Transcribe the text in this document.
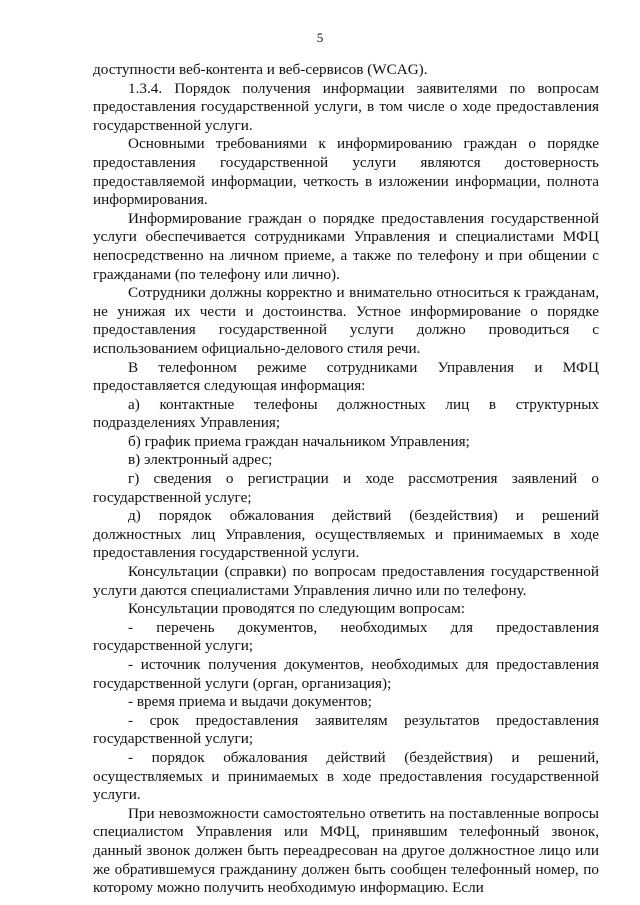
5

доступности веб-контента и веб-сервисов (WCAG).

1.3.4. Порядок получения информации заявителями по вопросам предоставления государственной услуги, в том числе о ходе предоставления государственной услуги.

Основными требованиями к информированию граждан о порядке предоставления государственной услуги являются достоверность предоставляемой информации, четкость в изложении информации, полнота информирования.

Информирование граждан о порядке предоставления государственной услуги обеспечивается сотрудниками Управления и специалистами МФЦ непосредственно на личном приеме, а также по телефону и при общении с гражданами (по телефону или лично).

Сотрудники должны корректно и внимательно относиться к гражданам, не унижая их чести и достоинства. Устное информирование о порядке предоставления государственной услуги должно проводиться с использованием официально-делового стиля речи.

В телефонном режиме сотрудниками Управления и МФЦ предоставляется следующая информация:

а) контактные телефоны должностных лиц в структурных подразделениях Управления;

б) график приема граждан начальником Управления;

в) электронный адрес;

г) сведения о регистрации и ходе рассмотрения заявлений о государственной услуге;

д) порядок обжалования действий (бездействия) и решений должностных лиц Управления, осуществляемых и принимаемых в ходе предоставления государственной услуги.

Консультации (справки) по вопросам предоставления государственной услуги даются специалистами Управления лично или по телефону.

Консультации проводятся по следующим вопросам:

- перечень документов, необходимых для предоставления государственной услуги;

- источник получения документов, необходимых для предоставления государственной услуги (орган, организация);

- время приема и выдачи документов;

- срок предоставления заявителям результатов предоставления государственной услуги;

- порядок обжалования действий (бездействия) и решений, осуществляемых и принимаемых в ходе предоставления государственной услуги.

При невозможности самостоятельно ответить на поставленные вопросы специалистом Управления или МФЦ, принявшим телефонный звонок, данный звонок должен быть переадресован на другое должностное лицо или же обратившемуся гражданину должен быть сообщен телефонный номер, по которому можно получить необходимую информацию. Если
